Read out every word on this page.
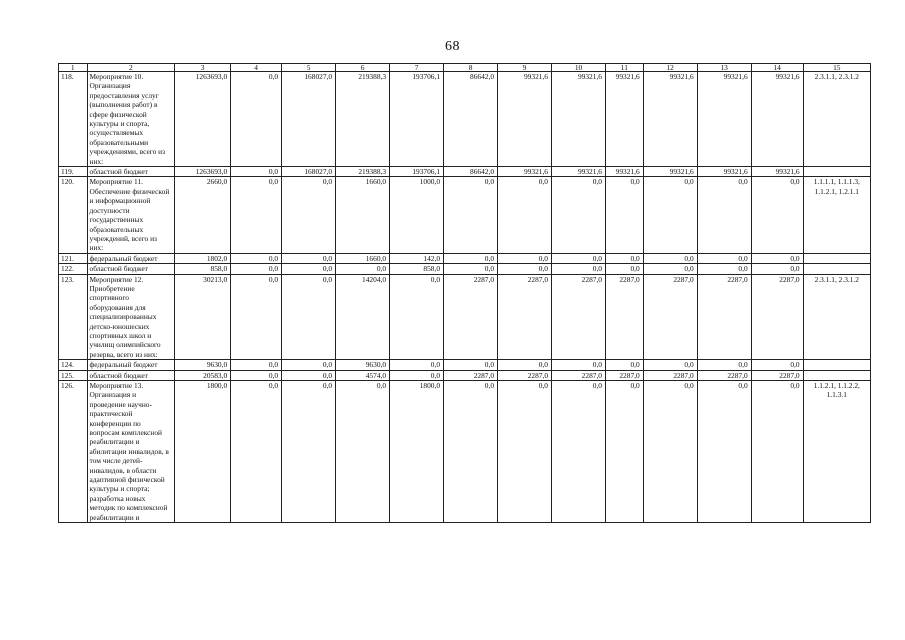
68
1	2	3	4	5	6	7	8	9	10	11	12	13	14	15
118.	Мероприятие 10. Организация предоставления услуг (выполнения работ) в сфере физической культуры и спорта, осуществляемых образовательными учреждениями, всего из них:	1263693,0	0,0	168027,0	219388,3	193706,1	86642,0	99321,6	99321,6	99321,6	99321,6	99321,6	99321,6	2.3.1.1, 2.3.1.2
119.	областной бюджет	1263693,0	0,0	168027,0	219388,3	193706,1	86642,0	99321,6	99321,6	99321,6	99321,6	99321,6	99321,6	
120.	Мероприятие 11. Обеспечение физической и информационной доступности государственных образовательных учреждений, всего из них:	2660,0	0,0	0,0	1660,0	1000,0	0,0	0,0	0,0	0,0	0,0	0,0	0,0	1.1.1.1, 1.1.1.3, 1.1.2.1, 1.2.1.1
121.	федеральный бюджет	1802,0	0,0	0,0	1660,0	142,0	0,0	0,0	0,0	0,0	0,0	0,0	0,0	
122.	областной бюджет	858,0	0,0	0,0	0,0	858,0	0,0	0,0	0,0	0,0	0,0	0,0	0,0	
123.	Мероприятие 12. Приобретение спортивного оборудования для специализированных детско-юношеских спортивных школ и училищ олимпийского резерва, всего из них:	30213,0	0,0	0,0	14204,0	0,0	2287,0	2287,0	2287,0	2287,0	2287,0	2287,0	2287,0	2.3.1.1, 2.3.1.2
124.	федеральный бюджет	9630,0	0,0	0,0	9630,0	0,0	0,0	0,0	0,0	0,0	0,0	0,0	0,0	
125.	областной бюджет	20583,0	0,0	0,0	4574,0	0,0	2287,0	2287,0	2287,0	2287,0	2287,0	2287,0	2287,0	
126.	Мероприятие 13. Организация и проведение научно-практической конференции по вопросам комплексной реабилитации и абилитации инвалидов, в том числе детей-инвалидов, в области адаптивной физической культуры и спорта; разработка новых методик по комплексной реабилитации и	1800,0	0,0	0,0	0,0	1800,0	0,0	0,0	0,0	0,0	0,0	0,0	0,0	1.1.2.1, 1.1.2.2, 1.1.3.1
